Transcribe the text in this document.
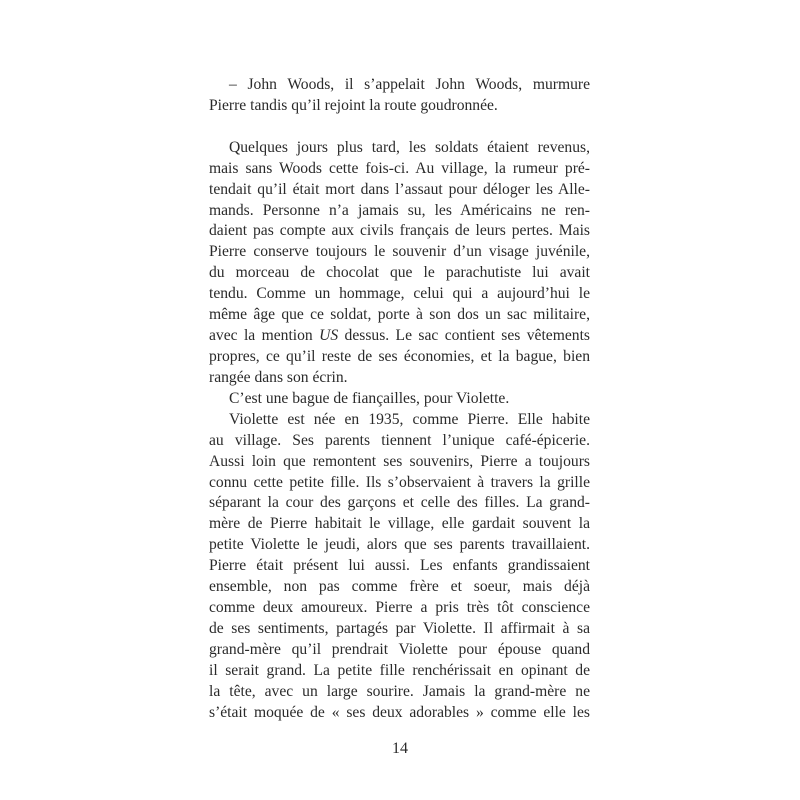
– John Woods, il s’appelait John Woods, murmure
Pierre tandis qu’il rejoint la route goudronnée.
Quelques jours plus tard, les soldats étaient revenus,
mais sans Woods cette fois-ci. Au village, la rumeur pré-
tendait qu’il était mort dans l’assaut pour déloger les Alle-
mands. Personne n’a jamais su, les Américains ne ren-
daient pas compte aux civils français de leurs pertes. Mais
Pierre conserve toujours le souvenir d’un visage juvénile,
du morceau de chocolat que le parachutiste lui avait
tendu. Comme un hommage, celui qui a aujourd’hui le
même âge que ce soldat, porte à son dos un sac militaire,
avec la mention US dessus. Le sac contient ses vêtements
propres, ce qu’il reste de ses économies, et la bague, bien
rangée dans son écrin.
C’est une bague de fiançailles, pour Violette.
Violette est née en 1935, comme Pierre. Elle habite
au village. Ses parents tiennent l’unique café-épicerie.
Aussi loin que remontent ses souvenirs, Pierre a toujours
connu cette petite fille. Ils s’observaient à travers la grille
séparant la cour des garçons et celle des filles. La grand-
mère de Pierre habitait le village, elle gardait souvent la
petite Violette le jeudi, alors que ses parents travaillaient.
Pierre était présent lui aussi. Les enfants grandissaient
ensemble, non pas comme frère et soeur, mais déjà
comme deux amoureux. Pierre a pris très tôt conscience
de ses sentiments, partagés par Violette. Il affirmait à sa
grand-mère qu’il prendrait Violette pour épouse quand
il serait grand. La petite fille renchérissait en opinant de
la tête, avec un large sourire. Jamais la grand-mère ne
s’était moquée de « ses deux adorables » comme elle les
14
